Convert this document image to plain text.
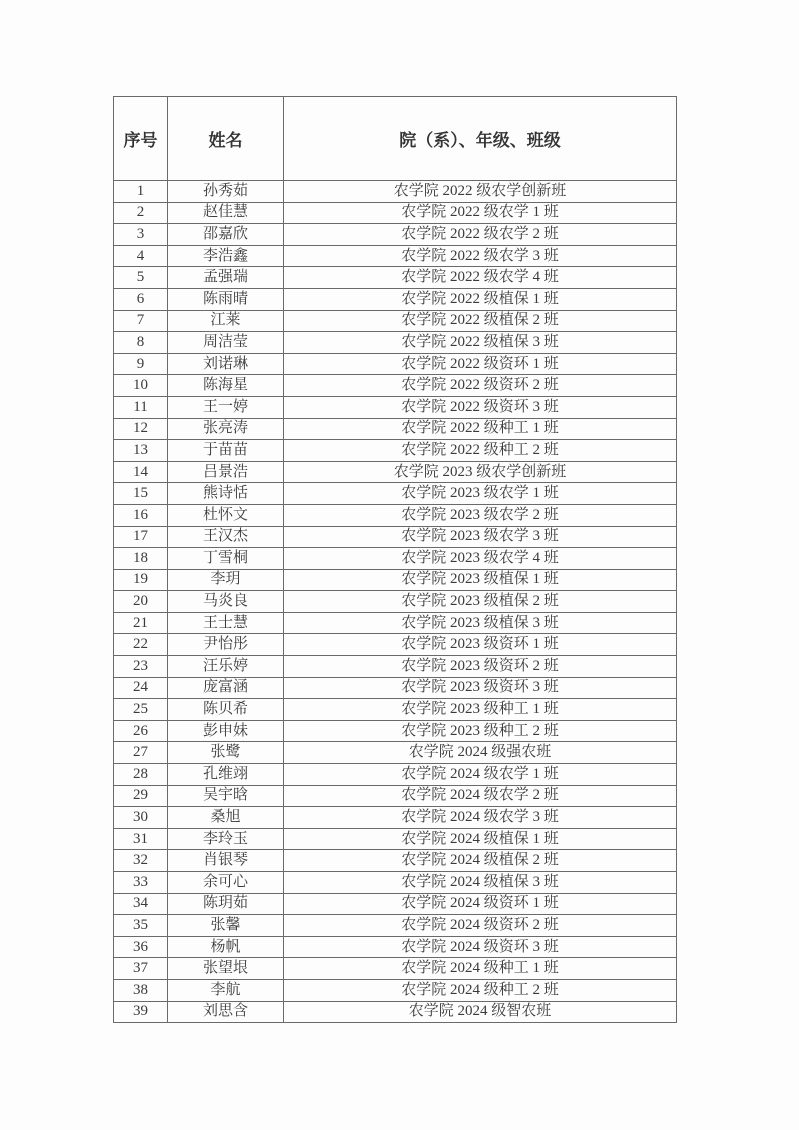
序号	姓名	院（系）、年级、班级
1	孙秀茹	农学院 2022 级农学创新班
2	赵佳慧	农学院 2022 级农学 1 班
3	邵嘉欣	农学院 2022 级农学 2 班
4	李浩鑫	农学院 2022 级农学 3 班
5	孟强瑞	农学院 2022 级农学 4 班
6	陈雨晴	农学院 2022 级植保 1 班
7	江莱	农学院 2022 级植保 2 班
8	周洁莹	农学院 2022 级植保 3 班
9	刘诺琳	农学院 2022 级资环 1 班
10	陈海星	农学院 2022 级资环 2 班
11	王一婷	农学院 2022 级资环 3 班
12	张亮涛	农学院 2022 级种工 1 班
13	于苗苗	农学院 2022 级种工 2 班
14	吕景浩	农学院 2023 级农学创新班
15	熊诗恬	农学院 2023 级农学 1 班
16	杜怀文	农学院 2023 级农学 2 班
17	王汉杰	农学院 2023 级农学 3 班
18	丁雪桐	农学院 2023 级农学 4 班
19	李玥	农学院 2023 级植保 1 班
20	马炎良	农学院 2023 级植保 2 班
21	王士慧	农学院 2023 级植保 3 班
22	尹怡彤	农学院 2023 级资环 1 班
23	汪乐婷	农学院 2023 级资环 2 班
24	庞富涵	农学院 2023 级资环 3 班
25	陈贝希	农学院 2023 级种工 1 班
26	彭申妹	农学院 2023 级种工 2 班
27	张鹭	农学院 2024 级强农班
28	孔维翊	农学院 2024 级农学 1 班
29	吴宇晗	农学院 2024 级农学 2 班
30	桑旭	农学院 2024 级农学 3 班
31	李玲玉	农学院 2024 级植保 1 班
32	肖银琴	农学院 2024 级植保 2 班
33	余可心	农学院 2024 级植保 3 班
34	陈玥茹	农学院 2024 级资环 1 班
35	张馨	农学院 2024 级资环 2 班
36	杨帆	农学院 2024 级资环 3 班
37	张望垠	农学院 2024 级种工 1 班
38	李航	农学院 2024 级种工 2 班
39	刘思含	农学院 2024 级智农班
